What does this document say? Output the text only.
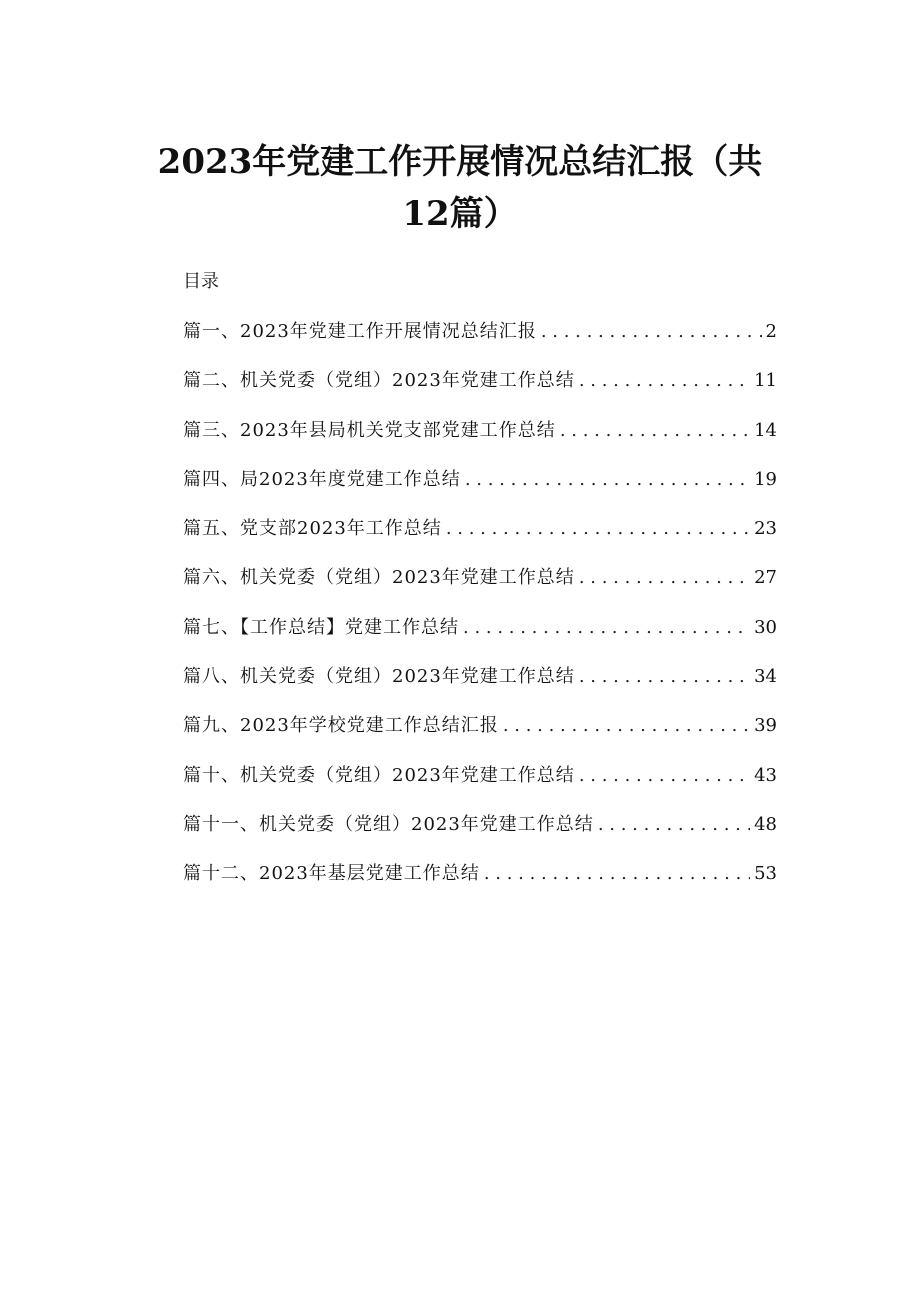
2023年党建工作开展情况总结汇报（共12篇）
目录
篇一、2023年党建工作开展情况总结汇报 . . .	2
篇二、机关党委（党组）2023年党建工作总结 . . .	11
篇三、2023年县局机关党支部党建工作总结 . . .	14
篇四、局2023年度党建工作总结 . . .	19
篇五、党支部2023年工作总结 . . .	23
篇六、机关党委（党组）2023年党建工作总结 . . .	27
篇七、【工作总结】党建工作总结 . . .	30
篇八、机关党委（党组）2023年党建工作总结 . . .	34
篇九、2023年学校党建工作总结汇报 . . .	39
篇十、机关党委（党组）2023年党建工作总结 . . .	43
篇十一、机关党委（党组）2023年党建工作总结 . . .	48
篇十二、2023年基层党建工作总结 . . .	53
